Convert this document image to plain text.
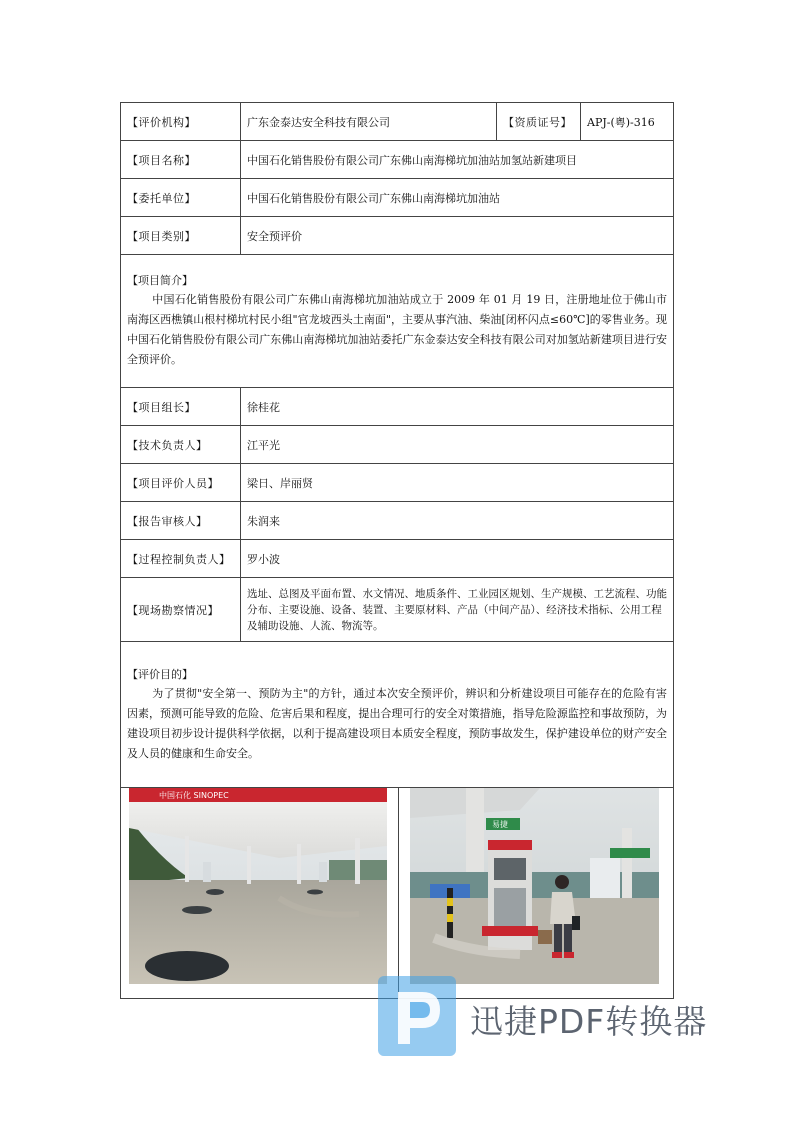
【评价机构】	广东金泰达安全科技有限公司	【资质证号】	APJ-(粤)-316
【项目名称】	中国石化销售股份有限公司广东佛山南海梯坑加油站加氢站新建项目		
【委托单位】	中国石化销售股份有限公司广东佛山南海梯坑加油站		
【项目类别】	安全预评价		

【项目简介】

中国石化销售股份有限公司广东佛山南海梯坑加油站成立于 2009 年 01 月 19 日，注册地址位于佛山市南海区西樵镇山根村梯坑村民小组"官龙坡西头土南面"，主要从事汽油、柴油[闭杯闪点≤60℃]的零售业务。现中国石化销售股份有限公司广东佛山南海梯坑加油站委托广东金泰达安全科技有限公司对加氢站新建项目进行安全预评价。			

【项目组长】	徐桂花		
【技术负责人】	江平光		
【项目评价人员】	梁日、岸丽贤		
【报告审核人】	朱润来		
【过程控制负责人】	罗小波		
【现场勘察情况】	选址、总图及平面布置、水文情况、地质条件、工业园区规划、生产规模、工艺流程、功能分布、主要设施、设备、装置、主要原材料、产品（中间产品）、经济技术指标、公用工程及辅助设施、人流、物流等。		

【评价目的】

为了贯彻"安全第一、预防为主"的方针，通过本次安全预评价，辨识和分析建设项目可能存在的危险有害因素，预测可能导致的危险、危害后果和程度，提出合理可行的安全对策措施，指导危险源监控和事故预防，为建设项目初步设计提供科学依据，以利于提高建设项目本质安全程度，预防事故发生，保护建设单位的财产安全及人员的健康和生命安全。			

中国石化 SINOPEC
易捷			
迅捷PDF转换器
